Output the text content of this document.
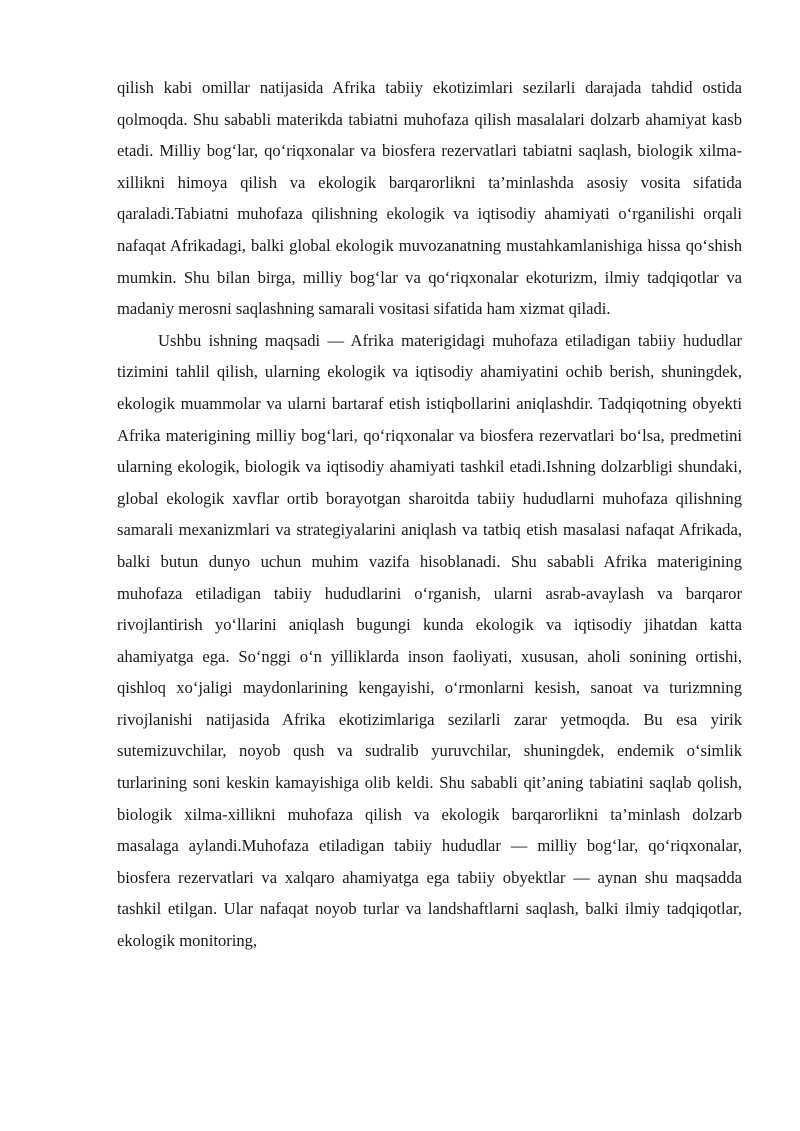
qilish kabi omillar natijasida Afrika tabiiy ekotizimlari sezilarli darajada tahdid ostida qolmoqda. Shu sababli materikda tabiatni muhofaza qilish masalalari dolzarb ahamiyat kasb etadi. Milliy bog‘lar, qo‘riqxonalar va biosfera rezervatlari tabiatni saqlash, biologik xilma-xillikni himoya qilish va ekologik barqarorlikni ta’minlashda asosiy vosita sifatida qaraladi.Tabiatni muhofaza qilishning ekologik va iqtisodiy ahamiyati o‘rganilishi orqali nafaqat Afrikadagi, balki global ekologik muvozanatning mustahkamlanishiga hissa qo‘shish mumkin. Shu bilan birga, milliy bog‘lar va qo‘riqxonalar ekoturizm, ilmiy tadqiqotlar va madaniy merosni saqlashning samarali vositasi sifatida ham xizmat qiladi.

Ushbu ishning maqsadi — Afrika materigidagi muhofaza etiladigan tabiiy hududlar tizimini tahlil qilish, ularning ekologik va iqtisodiy ahamiyatini ochib berish, shuningdek, ekologik muammolar va ularni bartaraf etish istiqbollarini aniqlashdir. Tadqiqotning obyekti Afrika materigining milliy bog‘lari, qo‘riqxonalar va biosfera rezervatlari bo‘lsa, predmetini ularning ekologik, biologik va iqtisodiy ahamiyati tashkil etadi.Ishning dolzarbligi shundaki, global ekologik xavflar ortib borayotgan sharoitda tabiiy hududlarni muhofaza qilishning samarali mexanizmlari va strategiyalarini aniqlash va tatbiq etish masalasi nafaqat Afrikada, balki butun dunyo uchun muhim vazifa hisoblanadi. Shu sababli Afrika materigining muhofaza etiladigan tabiiy hududlarini o‘rganish, ularni asrab-avaylash va barqaror rivojlantirish yo‘llarini aniqlash bugungi kunda ekologik va iqtisodiy jihatdan katta ahamiyatga ega. So‘nggi o‘n yilliklarda inson faoliyati, xususan, aholi sonining ortishi, qishloq xo‘jaligi maydonlarining kengayishi, o‘rmonlarni kesish, sanoat va turizmning rivojlanishi natijasida Afrika ekotizimlariga sezilarli zarar yetmoqda. Bu esa yirik sutemizuvchilar, noyob qush va sudralib yuruvchilar, shuningdek, endemik o‘simlik turlarining soni keskin kamayishiga olib keldi. Shu sababli qit’aning tabiatini saqlab qolish, biologik xilma-xillikni muhofaza qilish va ekologik barqarorlikni ta’minlash dolzarb masalaga aylandi.Muhofaza etiladigan tabiiy hududlar — milliy bog‘lar, qo‘riqxonalar, biosfera rezervatlari va xalqaro ahamiyatga ega tabiiy obyektlar — aynan shu maqsadda tashkil etilgan. Ular nafaqat noyob turlar va landshaftlarni saqlash, balki ilmiy tadqiqotlar, ekologik monitoring,
